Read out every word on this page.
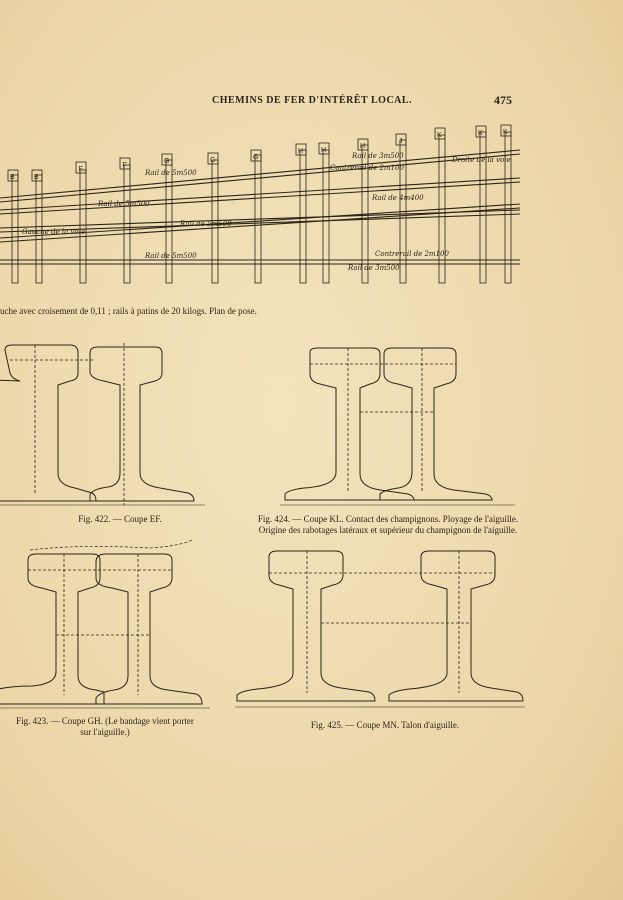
CHEMINS DE FER D'INTÉRÊT LOCAL.	475
B	B
F
F
G	G	G
H	H
H
J
K	K	K
Rail de 5m500
Rail de 5m500
Rail de 5m500
Rail de 5m500
Rail de 3m500
Rail de 3m500
Contrerail de 2m100
Contrerail de 2m100
Rail de 4m400
Gauche de la voie
Droite de la voie
uche avec croisement de 0,11 ; rails à patins de 20 kilogs. Plan de pose.
Fig. 422. — Coupe EF.	Fig. 424. — Coupe KL. Contact des champignons. Ployage de l'aiguille.
Origine des rabotages latéraux et supérieur du champignon de l'aiguille.
Fig. 423. — Coupe GH. (Le bandage vient porter
sur l'aiguille.)
Fig. 425. — Coupe MN. Talon d'aiguille.
